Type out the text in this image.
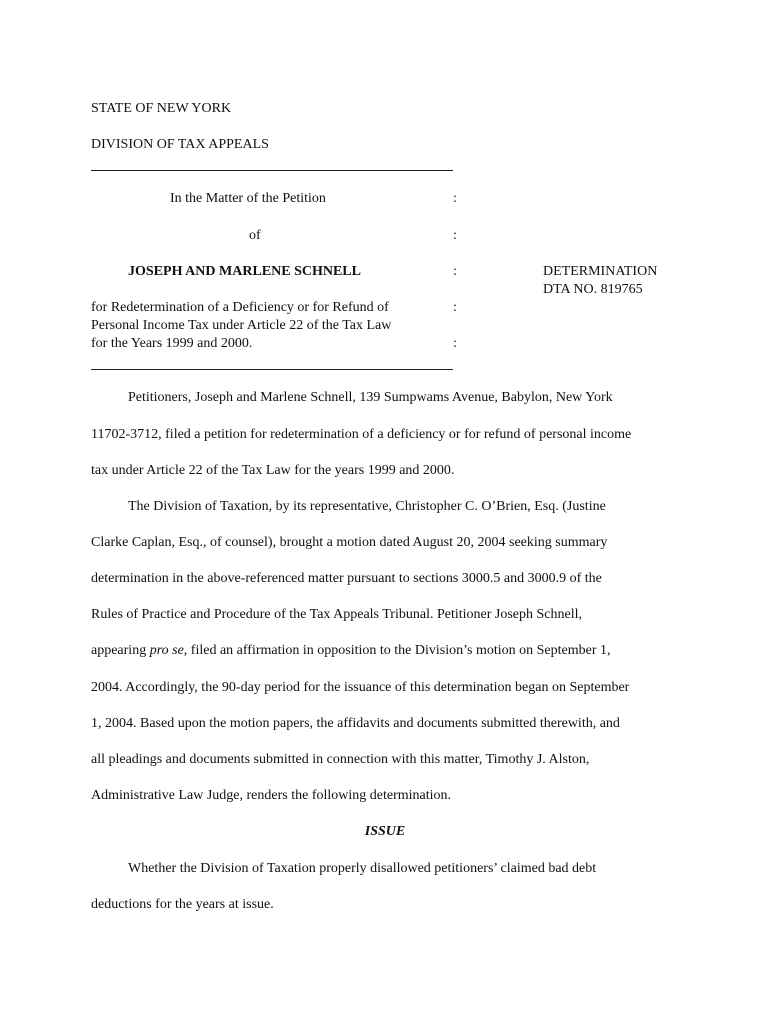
STATE OF NEW YORK
DIVISION OF TAX APPEALS
In the Matter of the Petition	:
of	:
JOSEPH AND MARLENE SCHNELL	:	DETERMINATION
DTA NO. 819765
for Redetermination of a Deficiency or for Refund of	:
Personal Income Tax under Article 22 of the Tax Law
for the Years 1999 and 2000.	:
Petitioners, Joseph and Marlene Schnell, 139 Sumpwams Avenue, Babylon, New York
11702-3712, filed a petition for redetermination of a deficiency or for refund of personal income
tax under Article 22 of the Tax Law for the years 1999 and 2000.
The Division of Taxation, by its representative, Christopher C. O’Brien, Esq. (Justine
Clarke Caplan, Esq., of counsel), brought a motion dated August 20, 2004 seeking summary
determination in the above-referenced matter pursuant to sections 3000.5 and 3000.9 of the
Rules of Practice and Procedure of the Tax Appeals Tribunal. Petitioner Joseph Schnell,
appearing pro se, filed an affirmation in opposition to the Division’s motion on September 1,
2004. Accordingly, the 90-day period for the issuance of this determination began on September
1, 2004. Based upon the motion papers, the affidavits and documents submitted therewith, and
all pleadings and documents submitted in connection with this matter, Timothy J. Alston,
Administrative Law Judge, renders the following determination.
ISSUE
Whether the Division of Taxation properly disallowed petitioners’ claimed bad debt
deductions for the years at issue.
